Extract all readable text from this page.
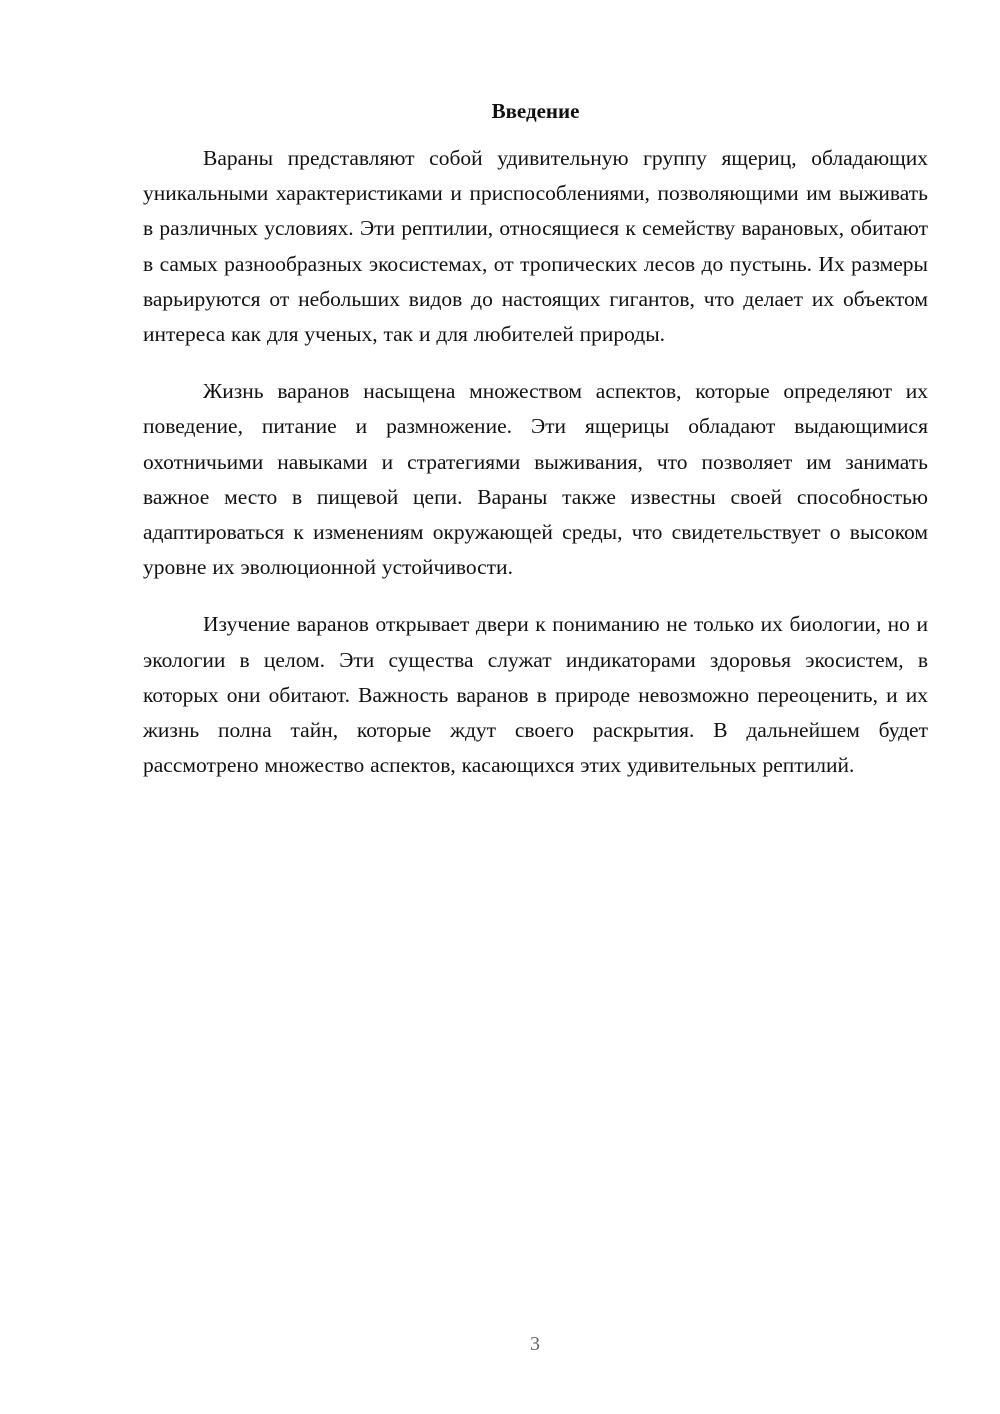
Введение

Вараны представляют собой удивительную группу ящериц, обладающих уникальными характеристиками и приспособлениями, позволяющими им выживать в различных условиях. Эти рептилии, относящиеся к семейству варановых, обитают в самых разнообразных экосистемах, от тропических лесов до пустынь. Их размеры варьируются от небольших видов до настоящих гигантов, что делает их объектом интереса как для ученых, так и для любителей природы.

Жизнь варанов насыщена множеством аспектов, которые определяют их поведение, питание и размножение. Эти ящерицы обладают выдающимися охотничьими навыками и стратегиями выживания, что позволяет им занимать важное место в пищевой цепи. Вараны также известны своей способностью адаптироваться к изменениям окружающей среды, что свидетельствует о высоком уровне их эволюционной устойчивости.

Изучение варанов открывает двери к пониманию не только их биологии, но и экологии в целом. Эти существа служат индикаторами здоровья экосистем, в которых они обитают. Важность варанов в природе невозможно переоценить, и их жизнь полна тайн, которые ждут своего раскрытия. В дальнейшем будет рассмотрено множество аспектов, касающихся этих удивительных рептилий.

3
